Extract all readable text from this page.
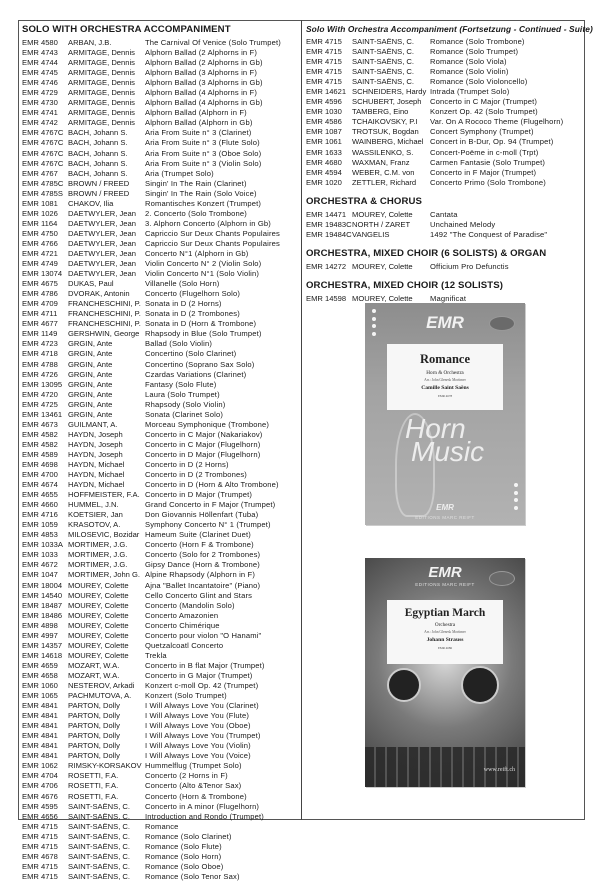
SOLO WITH ORCHESTRA ACCOMPANIMENT
EMR 4580	ARBAN, J.B.	The Carnival Of Venice (Solo Trumpet)
EMR 4743	ARMITAGE, Dennis	Alphorn Ballad (2 Alphorns in F)
EMR 4744	ARMITAGE, Dennis	Alphorn Ballad (2 Alphorns in Gb)
EMR 4745	ARMITAGE, Dennis	Alphorn Ballad (3 Alphorns in F)
EMR 4746	ARMITAGE, Dennis	Alphorn Ballad (3 Alphorns in Gb)
EMR 4729	ARMITAGE, Dennis	Alphorn Ballad (4 Alphorns in F)
EMR 4730	ARMITAGE, Dennis	Alphorn Ballad (4 Alphorns in Gb)
EMR 4741	ARMITAGE, Dennis	Alphorn Ballad (Alphorn in F)
EMR 4742	ARMITAGE, Dennis	Alphorn Ballad (Alphorn in Gb)
EMR 4767C BACH, Johann S.	Aria From Suite n° 3 (Clarinet)
EMR 4767C BACH, Johann S.	Aria From Suite n° 3 (Flute Solo)
EMR 4767C BACH, Johann S.	Aria From Suite n° 3 (Oboe Solo)
EMR 4767C BACH, Johann S.	Aria From Suite n° 3 (Violin Solo)
EMR 4767	BACH, Johann S.	Aria (Trumpet Solo)
EMR 4785C BROWN / FREED	Singin' In The Rain (Clarinet)
EMR 4785S BROWN / FREED	Singin' In The Rain (Solo Voice)
EMR 1081	CHAKOV, Ilia	Romantisches Konzert (Trumpet)
EMR 1026	DAETWYLER, Jean	2. Concerto (Solo Trombone)
EMR 1164	DAETWYLER, Jean	3. Alphorn Concerto (Alphorn in Gb)
EMR 4750	DAETWYLER, Jean	Capriccio Sur Deux Chants Populaires
EMR 4766	DAETWYLER, Jean	Capriccio Sur Deux Chants Populaires
EMR 4721	DAETWYLER, Jean	Concerto N°1 (Alphorn in Gb)
EMR 4749	DAETWYLER, Jean	Violin Concerto N° 2 (Violin Solo)
EMR 13074 DAETWYLER, Jean	Violin Concerto N°1 (Solo Violin)
EMR 4675	DUKAS, Paul	Villanelle (Solo Horn)
EMR 4786	DVORAK, Antonin	Concerto (Flugelhorn Solo)
EMR 4709	FRANCHESCHINI, P. Sonata in D (2 Horns)
EMR 4711	FRANCHESCHINI, P. Sonata in D (2 Trombones)
EMR 4677	FRANCHESCHINI, P. Sonata in D (Horn & Trombone)
EMR 1149	GERSHWIN, George Rhapsody in Blue (Solo Trumpet)
EMR 4723	GRGIN, Ante	Ballad (Solo Violin)
EMR 4718	GRGIN, Ante	Concertino (Solo Clarinet)
EMR 4788	GRGIN, Ante	Concertino (Soprano Sax Solo)
EMR 4726	GRGIN, Ante	Czardas Variations (Clarinet)
EMR 13095 GRGIN, Ante	Fantasy (Solo Flute)
EMR 4720	GRGIN, Ante	Laura (Solo Trumpet)
EMR 4725	GRGIN, Ante	Rhapsody (Solo Violin)
EMR 13461 GRGIN, Ante	Sonata (Clarinet Solo)
EMR 4673	GUILMANT, A.	Morceau Symphonique (Trombone)
EMR 4582	HAYDN, Joseph	Concerto in C Major (Nakariakov)
EMR 4582	HAYDN, Joseph	Concerto in C Major (Flugelhorn)
EMR 4589	HAYDN, Joseph	Concerto in D Major (Flugelhorn)
EMR 4698	HAYDN, Michael	Concerto in D (2 Horns)
EMR 4700	HAYDN, Michael	Concerto in D (2 Trombones)
EMR 4674	HAYDN, Michael	Concerto in D (Horn & Alto Trombone)
EMR 4655	HOFFMEISTER, F.A. Concerto in D Major (Trumpet)
EMR 4660	HUMMEL, J.N.	Grand Concerto in F Major (Trumpet)
EMR 4716	KOETSIER, Jan	Don Giovannis Höllenfart (Tuba)
EMR 1059	KRASOTOV, A.	Symphony Concerto N° 1 (Trumpet)
EMR 4853	MILOSEVIC, Bozidar Hameum Suite (Clarinet Duet)
EMR 1033A MORTIMER, J.G.	Concerto (Horn F & Trombone)
EMR 1033	MORTIMER, J.G.	Concerto (Solo for 2 Trombones)
EMR 4672	MORTIMER, J.G.	Gipsy Dance (Horn & Trombone)
EMR 1047	MORTIMER, John G. Alpine Rhapsody (Alphorn in F)
EMR 18004 MOUREY, Colette	Ajna "Ballet Incantatoire" (Piano)
EMR 14540 MOUREY, Colette	Cello Concerto Glint and Stars
EMR 18487 MOUREY, Colette	Concerto (Mandolin Solo)
EMR 18486 MOUREY, Colette	Concerto Amazonien
EMR 4898	MOUREY, Colette	Concerto Chimérique
EMR 4997	MOUREY, Colette	Concerto pour violon "O Hanami"
EMR 14357 MOUREY, Colette	Quetzalcoatl Concerto
EMR 14618 MOUREY, Colette	Trekla
EMR 4659	MOZART, W.A.	Concerto in B flat Major (Trumpet)
EMR 4658	MOZART, W.A.	Concerto in G Major (Trumpet)
EMR 1060	NESTEROV, Arkadi	Konzert c-moll Op. 42 (Trumpet)
EMR 1065	PACHMUTOVA, A.	Konzert (Solo Trumpet)
EMR 4841	PARTON, Dolly	I Will Always Love You (Clarinet)
EMR 4841	PARTON, Dolly	I Will Always Love You (Flute)
EMR 4841	PARTON, Dolly	I Will Always Love You (Oboe)
EMR 4841	PARTON, Dolly	I Will Always Love You (Trumpet)
EMR 4841	PARTON, Dolly	I Will Always Love You (Violin)
EMR 4841	PARTON, Dolly	I Will Always Love You (Voice)
EMR 1062	RIMSKY-KORSAKOV Hummelflug (Trumpet Solo)
EMR 4704	ROSETTI, F.A.	Concerto (2 Horns in F)
EMR 4706	ROSETTI, F.A.	Concerto (Alto &Tenor Sax)
EMR 4676	ROSETTI, F.A.	Concerto (Horn & Trombone)
EMR 4595	SAINT-SAËNS, C.	Concerto in A minor (Flugelhorn)
EMR 4656	SAINT-SAËNS, C.	Introduction and Rondo (Trumpet)
EMR 4715	SAINT-SAËNS, C.	Romance
EMR 4715	SAINT-SAËNS, C.	Romance (Solo Clarinet)
EMR 4715	SAINT-SAËNS, C.	Romance (Solo Flute)
EMR 4678	SAINT-SAËNS, C.	Romance (Solo Horn)
EMR 4715	SAINT-SAËNS, C.	Romance (Solo Oboe)
EMR 4715	SAINT-SAËNS, C.	Romance (Solo Tenor Sax)
Solo With Orchestra Accompaniment (Fortsetzung - Continued - Suite)
EMR 4715	SAINT-SAËNS, C.	Romance (Solo Trombone)
EMR 4715	SAINT-SAËNS, C.	Romance (Solo Trumpet)
EMR 4715	SAINT-SAËNS, C.	Romance (Solo Viola)
EMR 4715	SAINT-SAËNS, C.	Romance (Solo Violin)
EMR 4715	SAINT-SAËNS, C.	Romance (Solo Violoncello)
EMR 14621 SCHNEIDERS, Hardy Intrada (Trumpet Solo)
EMR 4596	SCHUBERT, Joseph	Concerto in C Major (Trumpet)
EMR 1030	TAMBERG, Eino	Konzert Op. 42 (Solo Trumpet)
EMR 4586	TCHAIKOVSKY, P.I	Var. On A Rococo Theme (Flugelhorn)
EMR 1087	TROTSUK, Bogdan	Concert Symphony (Trumpet)
EMR 1061	WAINBERG, Michael Concert in B-Dur, Op. 94 (Trumpet)
EMR 1633	WASSILENKO, S.	Concert-Poëme in c-moll (Trpt)
EMR 4680	WAXMAN, Franz	Carmen Fantasie (Solo Trumpet)
EMR 4594	WEBER, C.M. von	Concerto in F Major (Trumpet)
EMR 1020	ZETTLER, Richard	Concerto Primo (Solo Trombone)
ORCHESTRA & CHORUS
EMR 14471 MOUREY, Colette	Cantata
EMR 19483C NORTH / ZARET	Unchained Melody
EMR 19484C VANGELIS	1492 "The Conquest of Paradise"
ORCHESTRA, MIXED CHOIR (6 SOLISTS) & ORGAN
EMR 14272 MOUREY, Colette	Officium Pro Defunctis
ORCHESTRA, MIXED CHOIR (12 SOLISTS)
EMR 14598 MOUREY, Colette	Magnificat
EMR
Romance
Horn & Orchestra
Arr.: John Glenesk Mortimer
Camille Saint Saëns
EMR 4678
Horn
Music
EMR
EDITIONS MARC REIFT
EMR
EDITIONS MARC REIFT
Egyptian March
Orchestra
Arr.: John Glenesk Mortimer
Johann Strauss
EMR 4686
www.reift.ch
